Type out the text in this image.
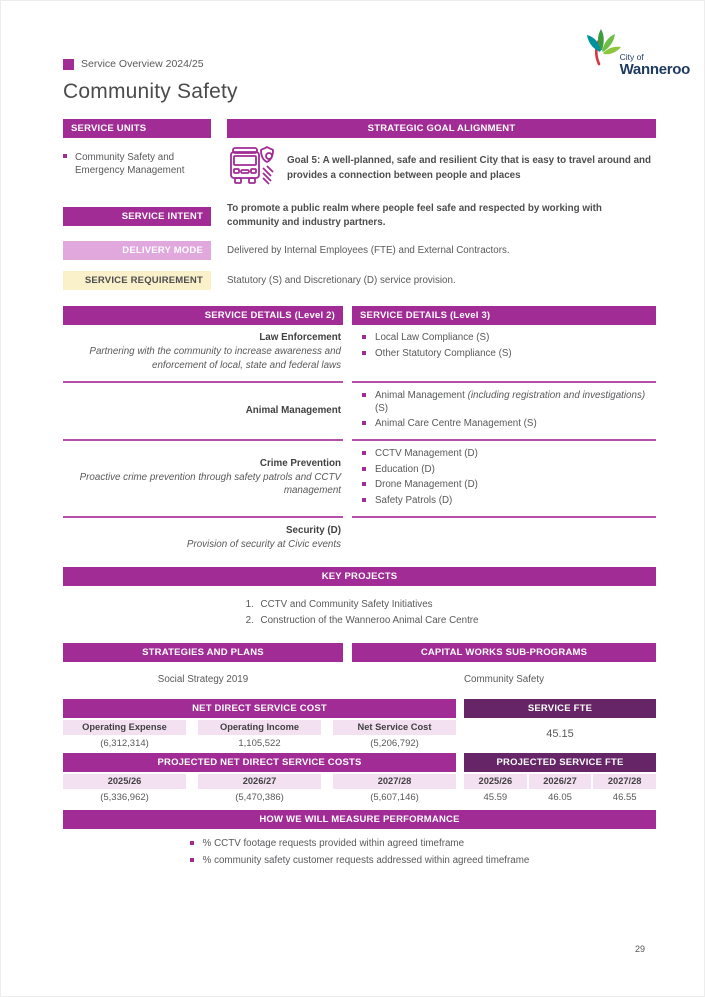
City of
Wanneroo
Service Overview 2024/25
Community Safety
SERVICE UNITS	STRATEGIC GOAL ALIGNMENT
Community Safety and Emergency Management
Goal 5: A well-planned, safe and resilient City that is easy to travel around and provides a connection between people and places
SERVICE INTENT
To promote a public realm where people feel safe and respected by working with community and industry partners.
DELIVERY MODE	Delivered by Internal Employees (FTE) and External Contractors.
SERVICE REQUIREMENT	Statutory (S) and Discretionary (D) service provision.
SERVICE DETAILS (Level 2)	SERVICE DETAILS (Level 3)
Law Enforcement
Partnering with the community to increase awareness and enforcement of local, state and federal laws
Local Law Compliance (S)
Other Statutory Compliance (S)
Animal Management
Animal Management (including registration and investigations) (S)
Animal Care Centre Management (S)
Crime Prevention
Proactive crime prevention through safety patrols and CCTV management
CCTV Management (D)
Education (D)
Drone Management (D)
Safety Patrols (D)
Security (D)
Provision of security at Civic events
KEY PROJECTS
1. CCTV and Community Safety Initiatives
2. Construction of the Wanneroo Animal Care Centre
STRATEGIES AND PLANS	CAPITAL WORKS SUB-PROGRAMS
Social Strategy 2019	Community Safety
NET DIRECT SERVICE COST
Operating Expense	Operating Income	Net Service Cost
(6,312,314)	1,105,522	(5,206,792)
PROJECTED NET DIRECT SERVICE COSTS
2025/26	2026/27	2027/28
(5,336,962)	(5,470,386)	(5,607,146)
SERVICE FTE
45.15
PROJECTED SERVICE FTE
2025/26	2026/27	2027/28
45.59	46.05	46.55
HOW WE WILL MEASURE PERFORMANCE
% CCTV footage requests provided within agreed timeframe
% community safety customer requests addressed within agreed timeframe
29
